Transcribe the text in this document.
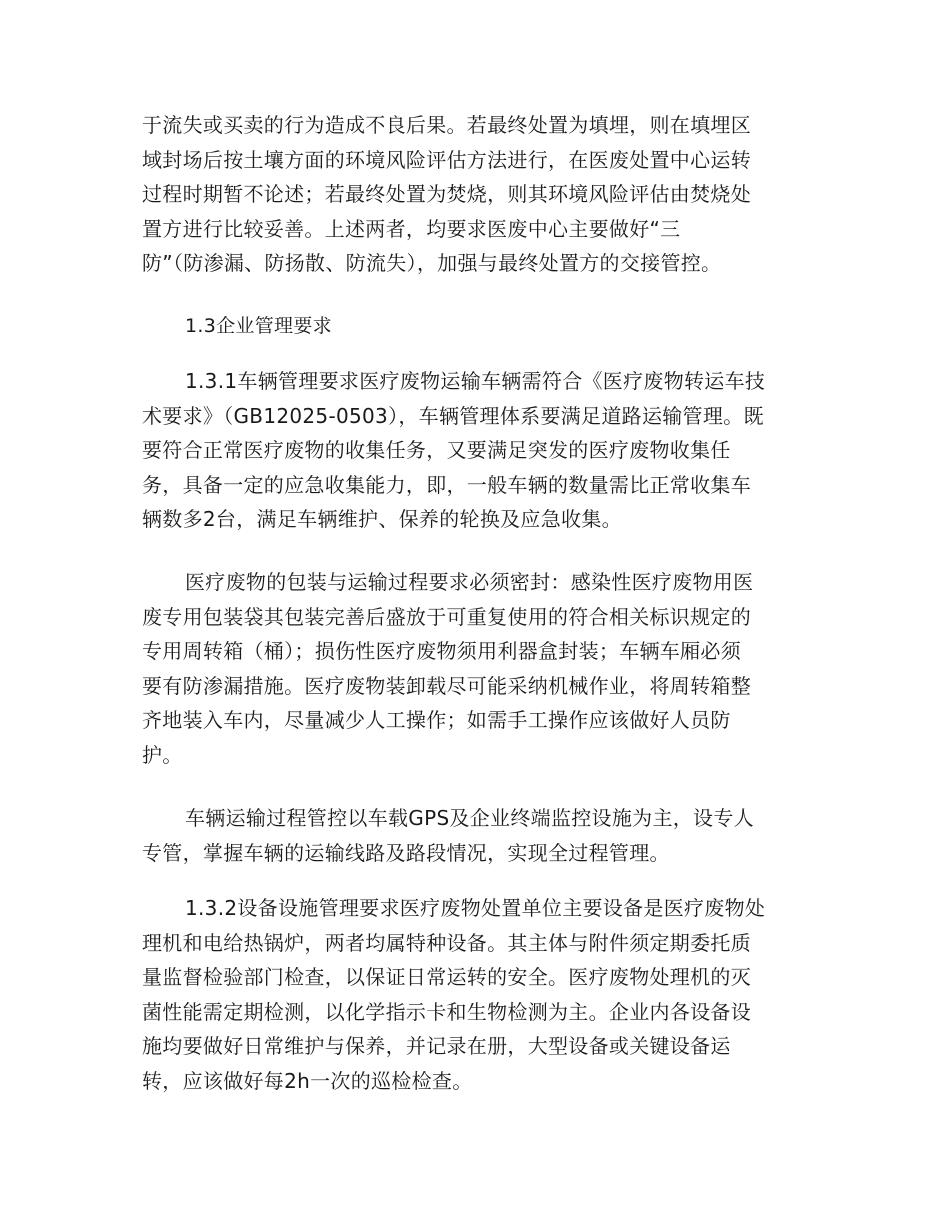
于流失或买卖的行为造成不良后果。若最终处置为填埋，则在填埋区
域封场后按土壤方面的环境风险评估方法进行，在医废处置中心运转
过程时期暂不论述；若最终处置为焚烧，则其环境风险评估由焚烧处
置方进行比较妥善。上述两者，均要求医废中心主要做好“三
防”（防渗漏、防扬散、防流失），加强与最终处置方的交接管控。
1.3企业管理要求
1.3.1车辆管理要求医疗废物运输车辆需符合《医疗废物转运车技
术要求》（GB12025-0503），车辆管理体系要满足道路运输管理。既
要符合正常医疗废物的收集任务，又要满足突发的医疗废物收集任
务，具备一定的应急收集能力，即，一般车辆的数量需比正常收集车
辆数多2台，满足车辆维护、保养的轮换及应急收集。
医疗废物的包装与运输过程要求必须密封：感染性医疗废物用医
废专用包装袋其包装完善后盛放于可重复使用的符合相关标识规定的
专用周转箱（桶）；损伤性医疗废物须用利器盒封装；车辆车厢必须
要有防渗漏措施。医疗废物装卸载尽可能采纳机械作业，将周转箱整
齐地装入车内，尽量减少人工操作；如需手工操作应该做好人员防
护。
车辆运输过程管控以车载GPS及企业终端监控设施为主，设专人
专管，掌握车辆的运输线路及路段情况，实现全过程管理。
1.3.2设备设施管理要求医疗废物处置单位主要设备是医疗废物处
理机和电给热锅炉，两者均属特种设备。其主体与附件须定期委托质
量监督检验部门检查，以保证日常运转的安全。医疗废物处理机的灭
菌性能需定期检测，以化学指示卡和生物检测为主。企业内各设备设
施均要做好日常维护与保养，并记录在册，大型设备或关键设备运
转，应该做好每2h一次的巡检检查。
